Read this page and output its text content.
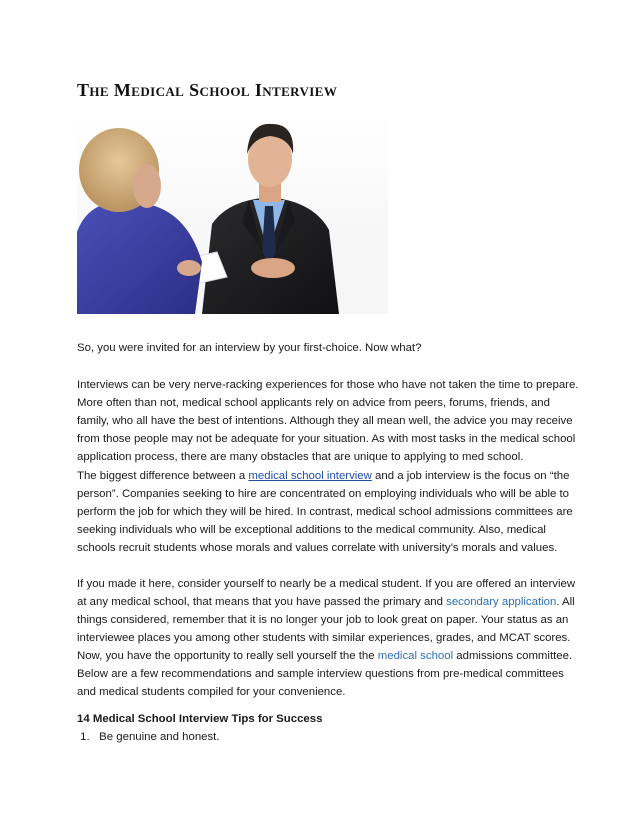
The Medical School Interview

So, you were invited for an interview by your first-choice. Now what?

Interviews can be very nerve-racking experiences for those who have not taken the time to prepare.
More often than not, medical school applicants rely on advice from peers, forums, friends, and
family, who all have the best of intentions. Although they all mean well, the advice you may receive
from those people may not be adequate for your situation. As with most tasks in the medical school
application process, there are many obstacles that are unique to applying to med school.

The biggest difference between a medical school interview and a job interview is the focus on “the
person”. Companies seeking to hire are concentrated on employing individuals who will be able to
perform the job for which they will be hired. In contrast, medical school admissions committees are
seeking individuals who will be exceptional additions to the medical community. Also, medical
schools recruit students whose morals and values correlate with university’s morals and values.

If you made it here, consider yourself to nearly be a medical student. If you are offered an interview
at any medical school, that means that you have passed the primary and secondary application. All
things considered, remember that it is no longer your job to look great on paper. Your status as an
interviewee places you among other students with similar experiences, grades, and MCAT scores.
Now, you have the opportunity to really sell yourself the the medical school admissions committee.
Below are a few recommendations and sample interview questions from pre-medical committees
and medical students compiled for your convenience.

14 Medical School Interview Tips for Success

1. Be genuine and honest.
